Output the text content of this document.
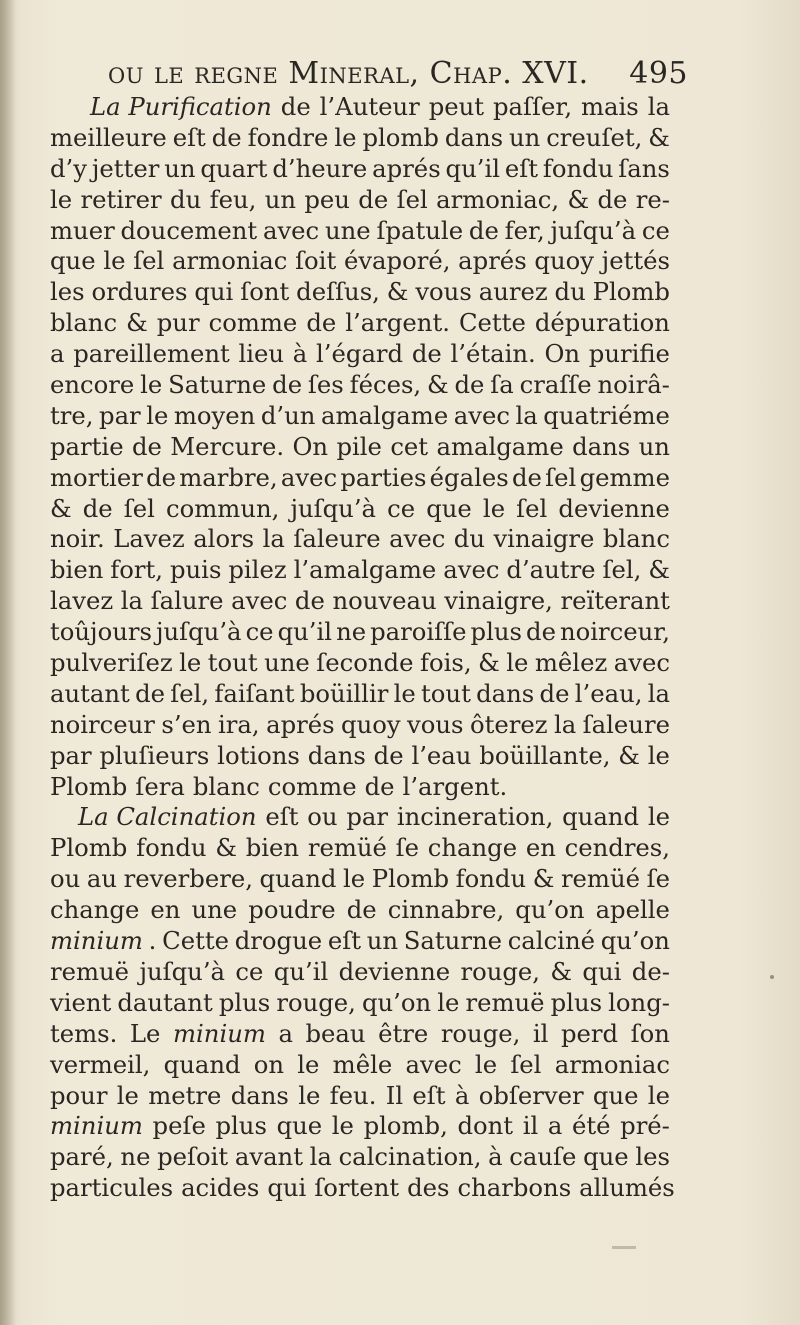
ou le regne Mineral, Chap. XVI. 495
La Purification de l’Auteur peut paſſer, mais la
meilleure eſt de fondre le plomb dans un creuſet, &
d’y jetter un quart d’heure aprés qu’il eſt fondu ſans
le retirer du feu, un peu de ſel armoniac, & de re-
muer doucement avec une ſpatule de fer, juſqu’à ce
que le ſel armoniac ſoit évaporé, aprés quoy jettés
les ordures qui ſont deſſus, & vous aurez du Plomb
blanc & pur comme de l’argent. Cette dépuration
a pareillement lieu à l’égard de l’étain. On purifie
encore le Saturne de ſes féces, & de ſa craſſe noirâ-
tre, par le moyen d’un amalgame avec la quatriéme
partie de Mercure. On pile cet amalgame dans un
mortier de marbre, avec parties égales de ſel gemme
& de ſel commun, juſqu’à ce que le ſel devienne
noir. Lavez alors la ſaleure avec du vinaigre blanc
bien fort, puis pilez l’amalgame avec d’autre ſel, &
lavez la ſalure avec de nouveau vinaigre, reïterant
toûjours juſqu’à ce qu’il ne paroiſſe plus de noirceur,
pulveriſez le tout une ſeconde fois, & le mêlez avec
autant de ſel, faiſant boüillir le tout dans de l’eau, la
noirceur s’en ira, aprés quoy vous ôterez la ſaleure
par pluſieurs lotions dans de l’eau boüillante, & le
Plomb ſera blanc comme de l’argent.
La Calcination eſt ou par incineration, quand le
Plomb fondu & bien remüé ſe change en cendres,
ou au reverbere, quand le Plomb fondu & remüé ſe
change en une poudre de cinnabre, qu’on apelle
minium . Cette drogue eſt un Saturne calciné qu’on
remuë juſqu’à ce qu’il devienne rouge, & qui de-
vient dautant plus rouge, qu’on le remuë plus long-
tems. Le minium a beau être rouge, il perd ſon
vermeil, quand on le mêle avec le ſel armoniac
pour le metre dans le feu. Il eſt à obſerver que le
minium peſe plus que le plomb, dont il a été pré-
paré, ne peſoit avant la calcination, à cauſe que les
particules acides qui ſortent des charbons allumés
